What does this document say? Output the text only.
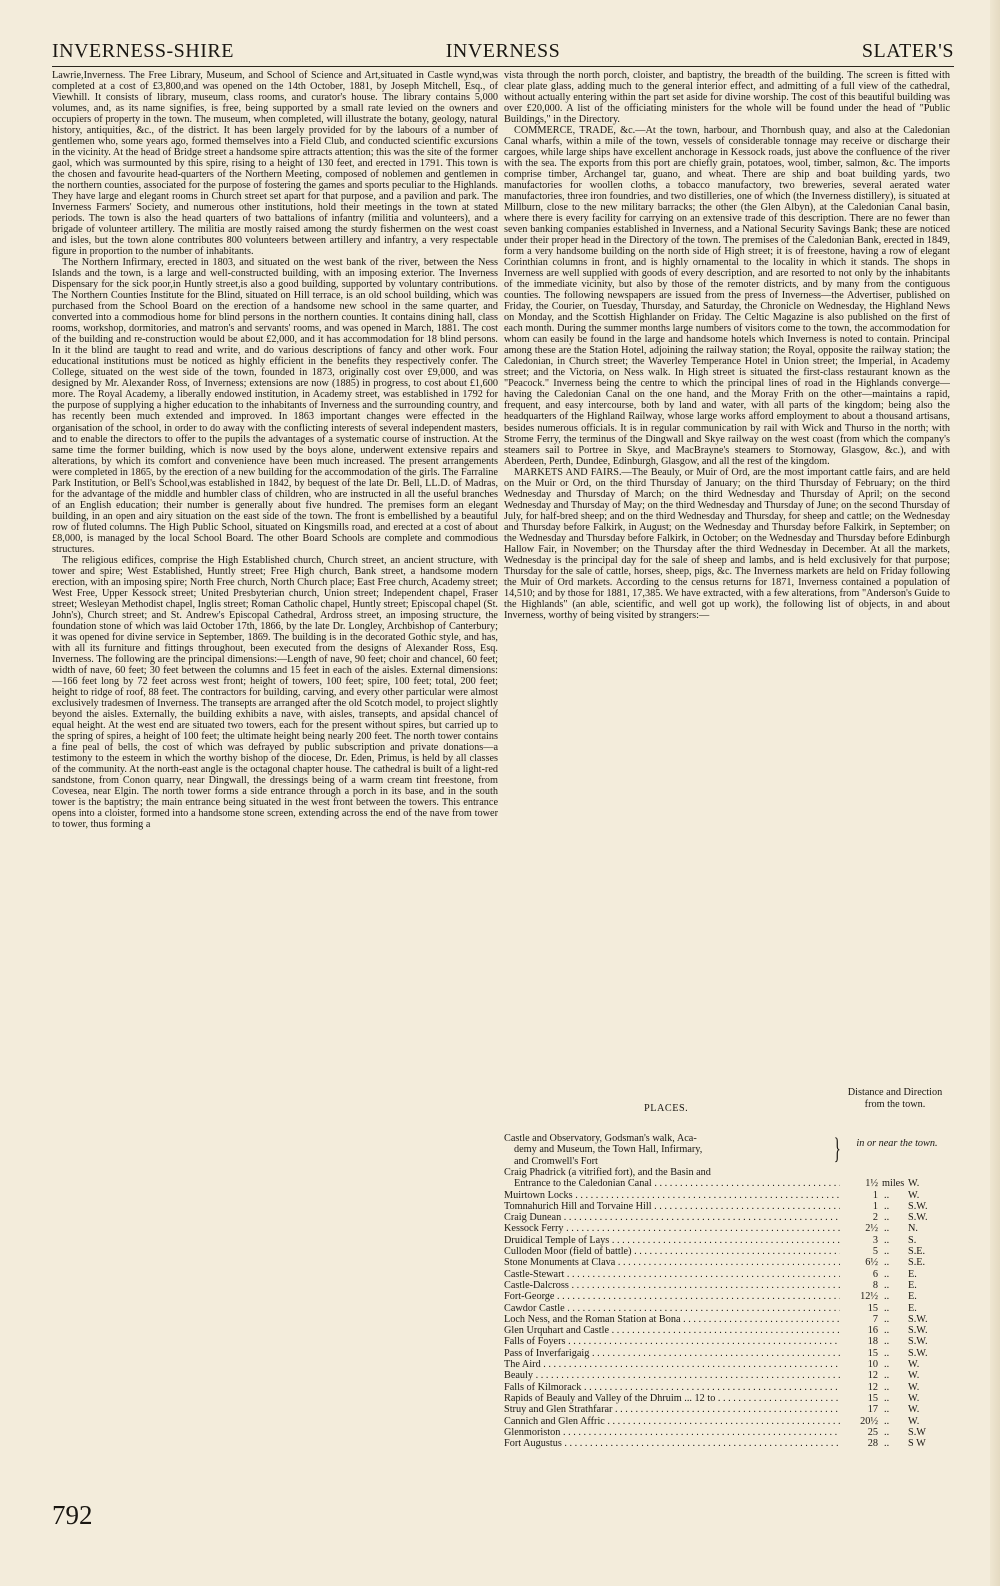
INVERNESS-SHIRE	INVERNESS	SLATER'S

Lawrie,Inverness. The Free Library, Museum, and School of Science and Art,situated in Castle wynd,was completed at a cost of £3,800,and was opened on the 14th October, 1881, by Joseph Mitchell, Esq., of Viewhill. It consists of library, museum, class rooms, and curator's house. The library contains 5,000 volumes, and, as its name signifies, is free, being supported by a small rate levied on the owners and occupiers of property in the town. The museum, when completed, will illustrate the botany, geology, natural history, antiquities, &c., of the district. It has been largely provided for by the labours of a number of gentlemen who, some years ago, formed themselves into a Field Club, and conducted scientific excursions in the vicinity. At the head of Bridge street a handsome spire attracts attention; this was the site of the former gaol, which was surmounted by this spire, rising to a height of 130 feet, and erected in 1791. This town is the chosen and favourite head-quarters of the Northern Meeting, composed of noblemen and gentlemen in the northern counties, associated for the purpose of fostering the games and sports peculiar to the Highlands. They have large and elegant rooms in Church street set apart for that purpose, and a pavilion and park. The Inverness Farmers' Society, and numerous other institutions, hold their meetings in the town at stated periods. The town is also the head quarters of two battalions of infantry (militia and volunteers), and a brigade of volunteer artillery. The militia are mostly raised among the sturdy fishermen on the west coast and isles, but the town alone contributes 800 volunteers between artillery and infantry, a very respectable figure in proportion to the number of inhabitants.

The Northern Infirmary, erected in 1803, and situated on the west bank of the river, between the Ness Islands and the town, is a large and well-constructed building, with an imposing exterior. The Inverness Dispensary for the sick poor,in Huntly street,is also a good building, supported by voluntary contributions. The Northern Counties Institute for the Blind, situated on Hill terrace, is an old school building, which was purchased from the School Board on the erection of a handsome new school in the same quarter, and converted into a commodious home for blind persons in the northern counties. It contains dining hall, class rooms, workshop, dormitories, and matron's and servants' rooms, and was opened in March, 1881. The cost of the building and re-construction would be about £2,000, and it has accommodation for 18 blind persons. In it the blind are taught to read and write, and do various descriptions of fancy and other work. Four educational institutions must be noticed as highly efficient in the benefits they respectively confer. The College, situated on the west side of the town, founded in 1873, originally cost over £9,000, and was designed by Mr. Alexander Ross, of Inverness; extensions are now (1885) in progress, to cost about £1,600 more. The Royal Academy, a liberally endowed institution, in Academy street, was established in 1792 for the purpose of supplying a higher education to the inhabitants of Inverness and the surrounding country, and has recently been much extended and improved. In 1863 important changes were effected in the organisation of the school, in order to do away with the conflicting interests of several independent masters, and to enable the directors to offer to the pupils the advantages of a systematic course of instruction. At the same time the former building, which is now used by the boys alone, underwent extensive repairs and alterations, by which its comfort and convenience have been much increased. The present arrangements were completed in 1865, by the erection of a new building for the accommodation of the girls. The Farraline Park Institution, or Bell's School,was established in 1842, by bequest of the late Dr. Bell, LL.D. of Madras, for the advantage of the middle and humbler class of children, who are instructed in all the useful branches of an English education; their number is generally about five hundred. The premises form an elegant building, in an open and airy situation on the east side of the town. The front is embellished by a beautiful row of fluted columns. The High Public School, situated on Kingsmills road, and erected at a cost of about £8,000, is managed by the local School Board. The other Board Schools are complete and commodious structures.

The religious edifices, comprise the High Established church, Church street, an ancient structure, with tower and spire; West Established, Huntly street; Free High church, Bank street, a handsome modern erection, with an imposing spire; North Free church, North Church place; East Free church, Academy street; West Free, Upper Kessock street; United Presbyterian church, Union street; Independent chapel, Fraser street; Wesleyan Methodist chapel, Inglis street; Roman Catholic chapel, Huntly street; Episcopal chapel (St. John's), Church street; and St. Andrew's Episcopal Cathedral, Ardross street, an imposing structure, the foundation stone of which was laid October 17th, 1866, by the late Dr. Longley, Archbishop of Canterbury; it was opened for divine service in September, 1869. The building is in the decorated Gothic style, and has, with all its furniture and fittings throughout, been executed from the designs of Alexander Ross, Esq. Inverness. The following are the principal dimensions:—Length of nave, 90 feet; choir and chancel, 60 feet; width of nave, 60 feet; 30 feet between the columns and 15 feet in each of the aisles. External dimensions:—166 feet long by 72 feet across west front; height of towers, 100 feet; spire, 100 feet; total, 200 feet; height to ridge of roof, 88 feet. The contractors for building, carving, and every other particular were almost exclusively tradesmen of Inverness. The transepts are arranged after the old Scotch model, to project slightly beyond the aisles. Externally, the building exhibits a nave, with aisles, transepts, and apsidal chancel of equal height. At the west end are situated two towers, each for the present without spires, but carried up to the spring of spires, a height of 100 feet; the ultimate height being nearly 200 feet. The north tower contains a fine peal of bells, the cost of which was defrayed by public subscription and private donations—a testimony to the esteem in which the worthy bishop of the diocese, Dr. Eden, Primus, is held by all classes of the community. At the north-east angle is the octagonal chapter house. The cathedral is built of a light-red sandstone, from Conon quarry, near Dingwall, the dressings being of a warm cream tint freestone, from Covesea, near Elgin. The north tower forms a side entrance through a porch in its base, and in the south tower is the baptistry; the main entrance being situated in the west front between the towers. This entrance opens into a cloister, formed into a handsome stone screen, extending across the end of the nave from tower to tower, thus forming a

vista through the north porch, cloister, and baptistry, the breadth of the building. The screen is fitted with clear plate glass, adding much to the general interior effect, and admitting of a full view of the cathedral, without actually entering within the part set aside for divine worship. The cost of this beautiful building was over £20,000. A list of the officiating ministers for the whole will be found under the head of "Public Buildings," in the Directory.

COMMERCE, TRADE, &c.—At the town, harbour, and Thornbush quay, and also at the Caledonian Canal wharfs, within a mile of the town, vessels of considerable tonnage may receive or discharge their cargoes, while large ships have excellent anchorage in Kessock roads, just above the confluence of the river with the sea. The exports from this port are chiefly grain, potatoes, wool, timber, salmon, &c. The imports comprise timber, Archangel tar, guano, and wheat. There are ship and boat building yards, two manufactories for woollen cloths, a tobacco manufactory, two breweries, several aerated water manufactories, three iron foundries, and two distilleries, one of which (the Inverness distillery), is situated at Millburn, close to the new military barracks; the other (the Glen Albyn), at the Caledonian Canal basin, where there is every facility for carrying on an extensive trade of this description. There are no fewer than seven banking companies established in Inverness, and a National Security Savings Bank; these are noticed under their proper head in the Directory of the town. The premises of the Caledonian Bank, erected in 1849, form a very handsome building on the north side of High street; it is of freestone, having a row of elegant Corinthian columns in front, and is highly ornamental to the locality in which it stands. The shops in Inverness are well supplied with goods of every description, and are resorted to not only by the inhabitants of the immediate vicinity, but also by those of the remoter districts, and by many from the contiguous counties. The following newspapers are issued from the press of Inverness—the Advertiser, published on Friday, the Courier, on Tuesday, Thursday, and Saturday, the Chronicle on Wednesday, the Highland News on Monday, and the Scottish Highlander on Friday. The Celtic Magazine is also published on the first of each month. During the summer months large numbers of visitors come to the town, the accommodation for whom can easily be found in the large and handsome hotels which Inverness is noted to contain. Principal among these are the Station Hotel, adjoining the railway station; the Royal, opposite the railway station; the Caledonian, in Church street; the Waverley Temperance Hotel in Union street; the Imperial, in Academy street; and the Victoria, on Ness walk. In High street is situated the first-class restaurant known as the "Peacock." Inverness being the centre to which the principal lines of road in the Highlands converge—having the Caledonian Canal on the one hand, and the Moray Frith on the other—maintains a rapid, frequent, and easy intercourse, both by land and water, with all parts of the kingdom; being also the headquarters of the Highland Railway, whose large works afford employment to about a thousand artisans, besides numerous officials. It is in regular communication by rail with Wick and Thurso in the north; with Strome Ferry, the terminus of the Dingwall and Skye railway on the west coast (from which the company's steamers sail to Portree in Skye, and MacBrayne's steamers to Stornoway, Glasgow, &c.), and with Aberdeen, Perth, Dundee, Edinburgh, Glasgow, and all the rest of the kingdom.

MARKETS AND FAIRS.—The Beauly, or Muir of Ord, are the most important cattle fairs, and are held on the Muir or Ord, on the third Thursday of January; on the third Thursday of February; on the third Wednesday and Thursday of March; on the third Wednesday and Thursday of April; on the second Wednesday and Thursday of May; on the third Wednesday and Thursday of June; on the second Thursday of July, for half-bred sheep; and on the third Wednesday and Thursday, for sheep and cattle; on the Wednesday and Thursday before Falkirk, in August; on the Wednesday and Thursday before Falkirk, in September; on the Wednesday and Thursday before Falkirk, in October; on the Wednesday and Thursday before Edinburgh Hallow Fair, in November; on the Thursday after the third Wednesday in December. At all the markets, Wednesday is the principal day for the sale of sheep and lambs, and is held exclusively for that purpose; Thursday for the sale of cattle, horses, sheep, pigs, &c. The Inverness markets are held on Friday following the Muir of Ord markets. According to the census returns for 1871, Inverness contained a population of 14,510; and by those for 1881, 17,385. We have extracted, with a few alterations, from "Anderson's Guide to the Highlands" (an able, scientific, and well got up work), the following list of objects, in and about Inverness, worthy of being visited by strangers:—

PLACES.
Distance and Direction from the town.
Castle and Observatory, Godsman's walk, Aca-
demy and Museum, the Town Hall, Infirmary,
and Cromwell's Fort	}	in or near the town.
Craig Phadrick (a vitrified fort), and the Basin and
Entrance to the Caledonian Canal . . .	1½ miles W.
Muirtown Locks . . .	1 .. W.
Tomnahurich Hill and Torvaine Hill . . .	1 .. S.W.
Craig Dunean . . .	2 .. S.W.
Kessock Ferry . . .	2½ .. N.
Druidical Temple of Lays . . .	3 .. S.
Culloden Moor (field of battle) . . .	5 .. S.E.
Stone Monuments at Clava . . .	6½ .. S.E.
Castle-Stewart . . .	6 .. E.
Castle-Dalcross . . .	8 .. E.
Fort-George . . .	12½ .. E.
Cawdor Castle . . .	15 .. E.
Loch Ness, and the Roman Station at Bona . . .	7 .. S.W.
Glen Urquhart and Castle . . .	16 .. S.W.
Falls of Foyers . . .	18 .. S.W.
Pass of Inverfarigaig . . .	15 .. S.W.
The Aird . . .	10 .. W.
Beauly . . .	12 .. W.
Falls of Kilmorack . . .	12 .. W.
Rapids of Beauly and Valley of the Dhruim ... 12 to . . .	15 .. W.
Struy and Glen Strathfarar . . .	17 .. W.
Cannich and Glen Affric . . .	20½ .. W.
Glenmoriston . . .	25 .. S.W
Fort Augustus . . .	28 .. S W
792
